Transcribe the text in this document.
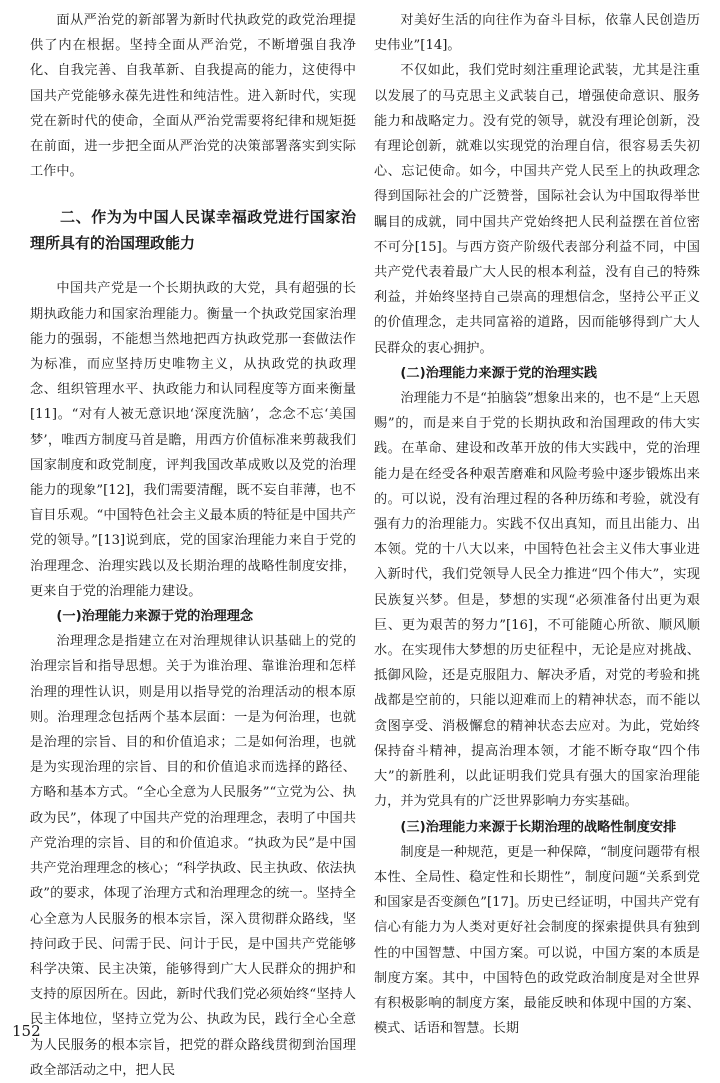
面从严治党的新部署为新时代执政党的政党治理提供了内在根据。坚持全面从严治党，不断增强自我净化、自我完善、自我革新、自我提高的能力，这使得中国共产党能够永葆先进性和纯洁性。进入新时代，实现党在新时代的使命，全面从严治党需要将纪律和规矩挺在前面，进一步把全面从严治党的决策部署落实到实际工作中。

二、作为为中国人民谋幸福政党进行国家治理所具有的治国理政能力

中国共产党是一个长期执政的大党，具有超强的长期执政能力和国家治理能力。衡量一个执政党国家治理能力的强弱，不能想当然地把西方执政党那一套做法作为标准，而应坚持历史唯物主义，从执政党的执政理念、组织管理水平、执政能力和认同程度等方面来衡量[11]。“对有人被无意识地‘深度洗脑’，念念不忘‘美国梦’，唯西方制度马首是瞻，用西方价值标准来剪裁我们国家制度和政党制度，评判我国改革成败以及党的治理能力的现象”[12]，我们需要清醒，既不妄自菲薄，也不盲目乐观。“中国特色社会主义最本质的特征是中国共产党的领导。”[13]说到底，党的国家治理能力来自于党的治理理念、治理实践以及长期治理的战略性制度安排，更来自于党的治理能力建设。

(一)治理能力来源于党的治理理念

治理理念是指建立在对治理规律认识基础上的党的治理宗旨和指导思想。关于为谁治理、靠谁治理和怎样治理的理性认识，则是用以指导党的治理活动的根本原则。治理理念包括两个基本层面：一是为何治理，也就是治理的宗旨、目的和价值追求；二是如何治理，也就是为实现治理的宗旨、目的和价值追求而选择的路径、方略和基本方式。“全心全意为人民服务”“立党为公、执政为民”，体现了中国共产党的治理理念，表明了中国共产党治理的宗旨、目的和价值追求。“执政为民”是中国共产党治理理念的核心；“科学执政、民主执政、依法执政”的要求，体现了治理方式和治理理念的统一。坚持全心全意为人民服务的根本宗旨，深入贯彻群众路线，坚持问政于民、问需于民、问计于民，是中国共产党能够科学决策、民主决策，能够得到广大人民群众的拥护和支持的原因所在。因此，新时代我们党必须始终“坚持人民主体地位，坚持立党为公、执政为民，践行全心全意为人民服务的根本宗旨，把党的群众路线贯彻到治国理政全部活动之中，把人民

对美好生活的向往作为奋斗目标，依靠人民创造历史伟业”[14]。

不仅如此，我们党时刻注重理论武装，尤其是注重以发展了的马克思主义武装自己，增强使命意识、服务能力和战略定力。没有党的领导，就没有理论创新，没有理论创新，就难以实现党的治理自信，很容易丢失初心、忘记使命。如今，中国共产党人民至上的执政理念得到国际社会的广泛赞誉，国际社会认为中国取得举世瞩目的成就，同中国共产党始终把人民利益摆在首位密不可分[15]。与西方资产阶级代表部分利益不同，中国共产党代表着最广大人民的根本利益，没有自己的特殊利益，并始终坚持自己崇高的理想信念，坚持公平正义的价值理念，走共同富裕的道路，因而能够得到广大人民群众的衷心拥护。

(二)治理能力来源于党的治理实践

治理能力不是“拍脑袋”想象出来的，也不是“上天恩赐”的，而是来自于党的长期执政和治国理政的伟大实践。在革命、建设和改革开放的伟大实践中，党的治理能力是在经受各种艰苦磨难和风险考验中逐步锻炼出来的。可以说，没有治理过程的各种历练和考验，就没有强有力的治理能力。实践不仅出真知，而且出能力、出本领。党的十八大以来，中国特色社会主义伟大事业进入新时代，我们党领导人民全力推进“四个伟大”，实现民族复兴梦。但是，梦想的实现“必须准备付出更为艰巨、更为艰苦的努力”[16]，不可能随心所欲、顺风顺水。在实现伟大梦想的历史征程中，无论是应对挑战、抵御风险，还是克服阻力、解决矛盾，对党的考验和挑战都是空前的，只能以迎难而上的精神状态，而不能以贪图享受、消极懈怠的精神状态去应对。为此，党始终保持奋斗精神，提高治理本领，才能不断夺取“四个伟大”的新胜利，以此证明我们党具有强大的国家治理能力，并为党具有的广泛世界影响力夯实基础。

(三)治理能力来源于长期治理的战略性制度安排

制度是一种规范，更是一种保障，“制度问题带有根本性、全局性、稳定性和长期性”，制度问题“关系到党和国家是否变颜色”[17]。历史已经证明，中国共产党有信心有能力为人类对更好社会制度的探索提供具有独到性的中国智慧、中国方案。可以说，中国方案的本质是制度方案。其中，中国特色的政党政治制度是对全世界有积极影响的制度方案，最能反映和体现中国的方案、模式、话语和智慧。长期

152
